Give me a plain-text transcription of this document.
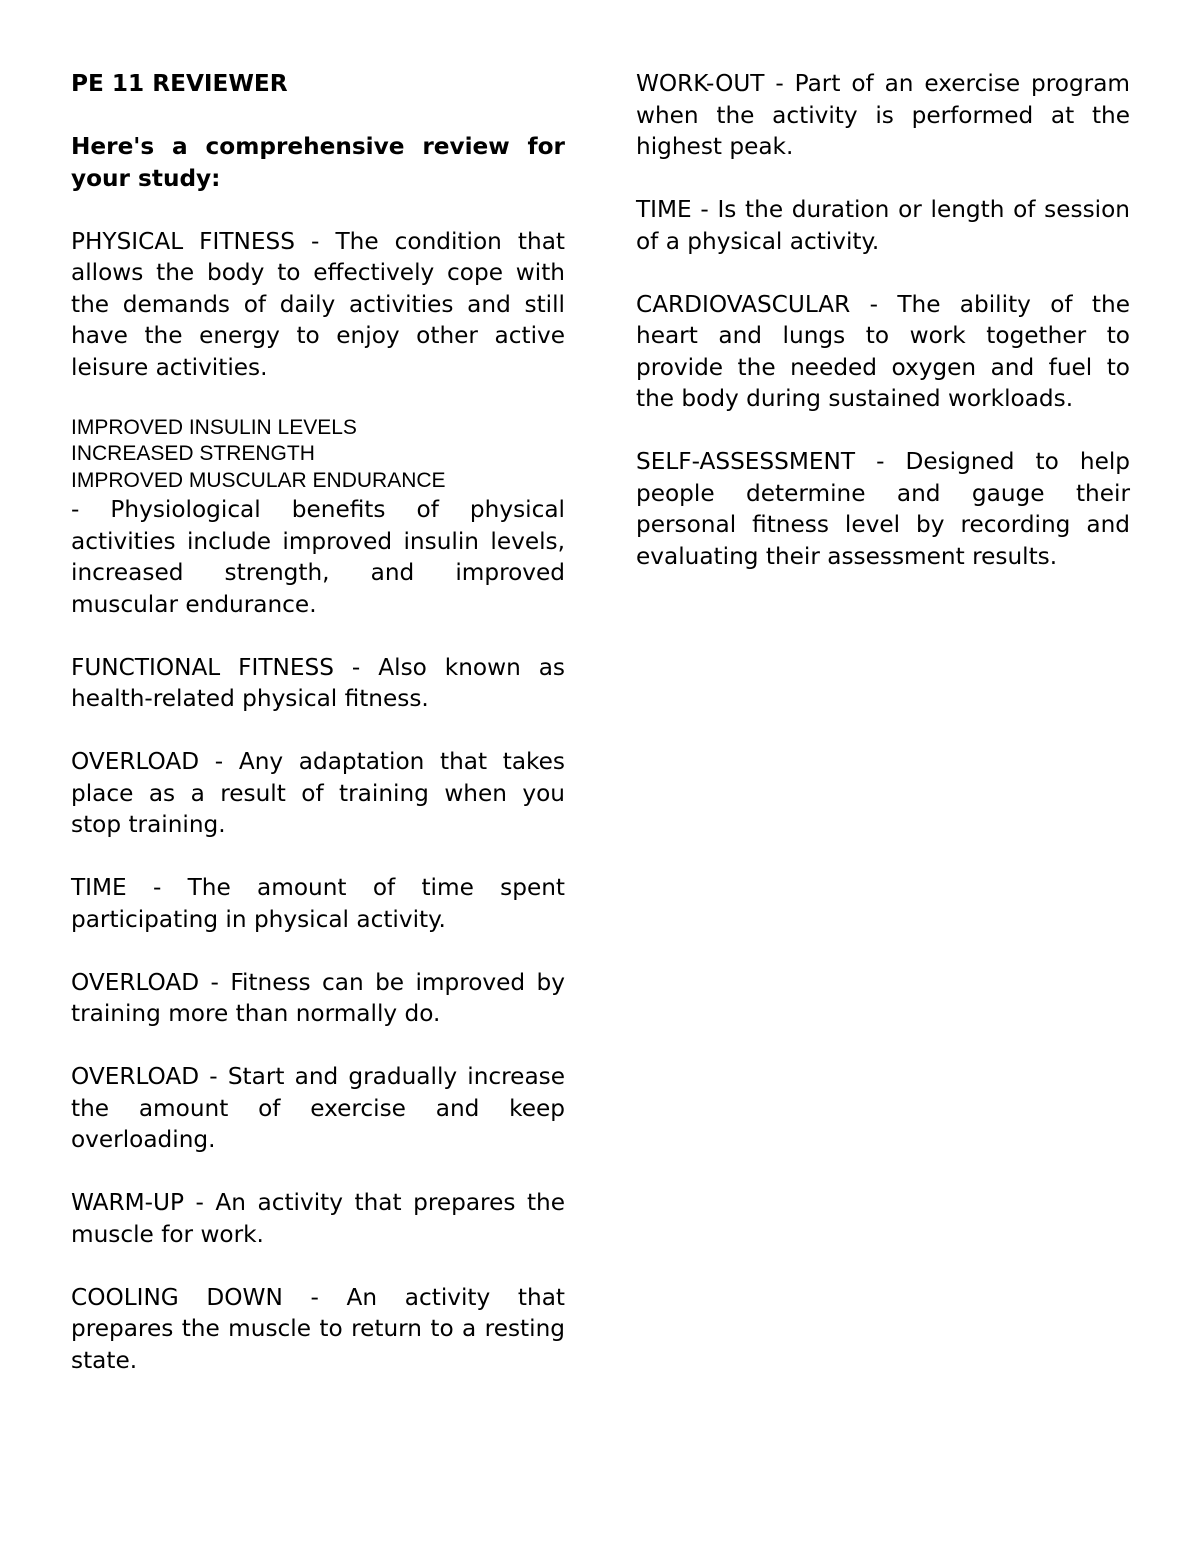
PE 11 REVIEWER

Here's a comprehensive review for your study:

PHYSICAL FITNESS - The condition that allows the body to effectively cope with the demands of daily activities and still have the energy to enjoy other active leisure activities.

IMPROVED INSULIN LEVELS
INCREASED STRENGTH
IMPROVED MUSCULAR ENDURANCE

- Physiological benefits of physical activities include improved insulin levels, increased strength, and improved muscular endurance.

FUNCTIONAL FITNESS - Also known as health-related physical fitness.

OVERLOAD - Any adaptation that takes place as a result of training when you stop training.

TIME - The amount of time spent participating in physical activity.

OVERLOAD - Fitness can be improved by training more than normally do.

OVERLOAD - Start and gradually increase the amount of exercise and keep overloading.

WARM-UP - An activity that prepares the muscle for work.

COOLING DOWN - An activity that prepares the muscle to return to a resting state.

WORK-OUT - Part of an exercise program when the activity is performed at the highest peak.

TIME - Is the duration or length of session of a physical activity.

CARDIOVASCULAR - The ability of the heart and lungs to work together to provide the needed oxygen and fuel to the body during sustained workloads.

SELF-ASSESSMENT - Designed to help people determine and gauge their personal fitness level by recording and evaluating their assessment results.
